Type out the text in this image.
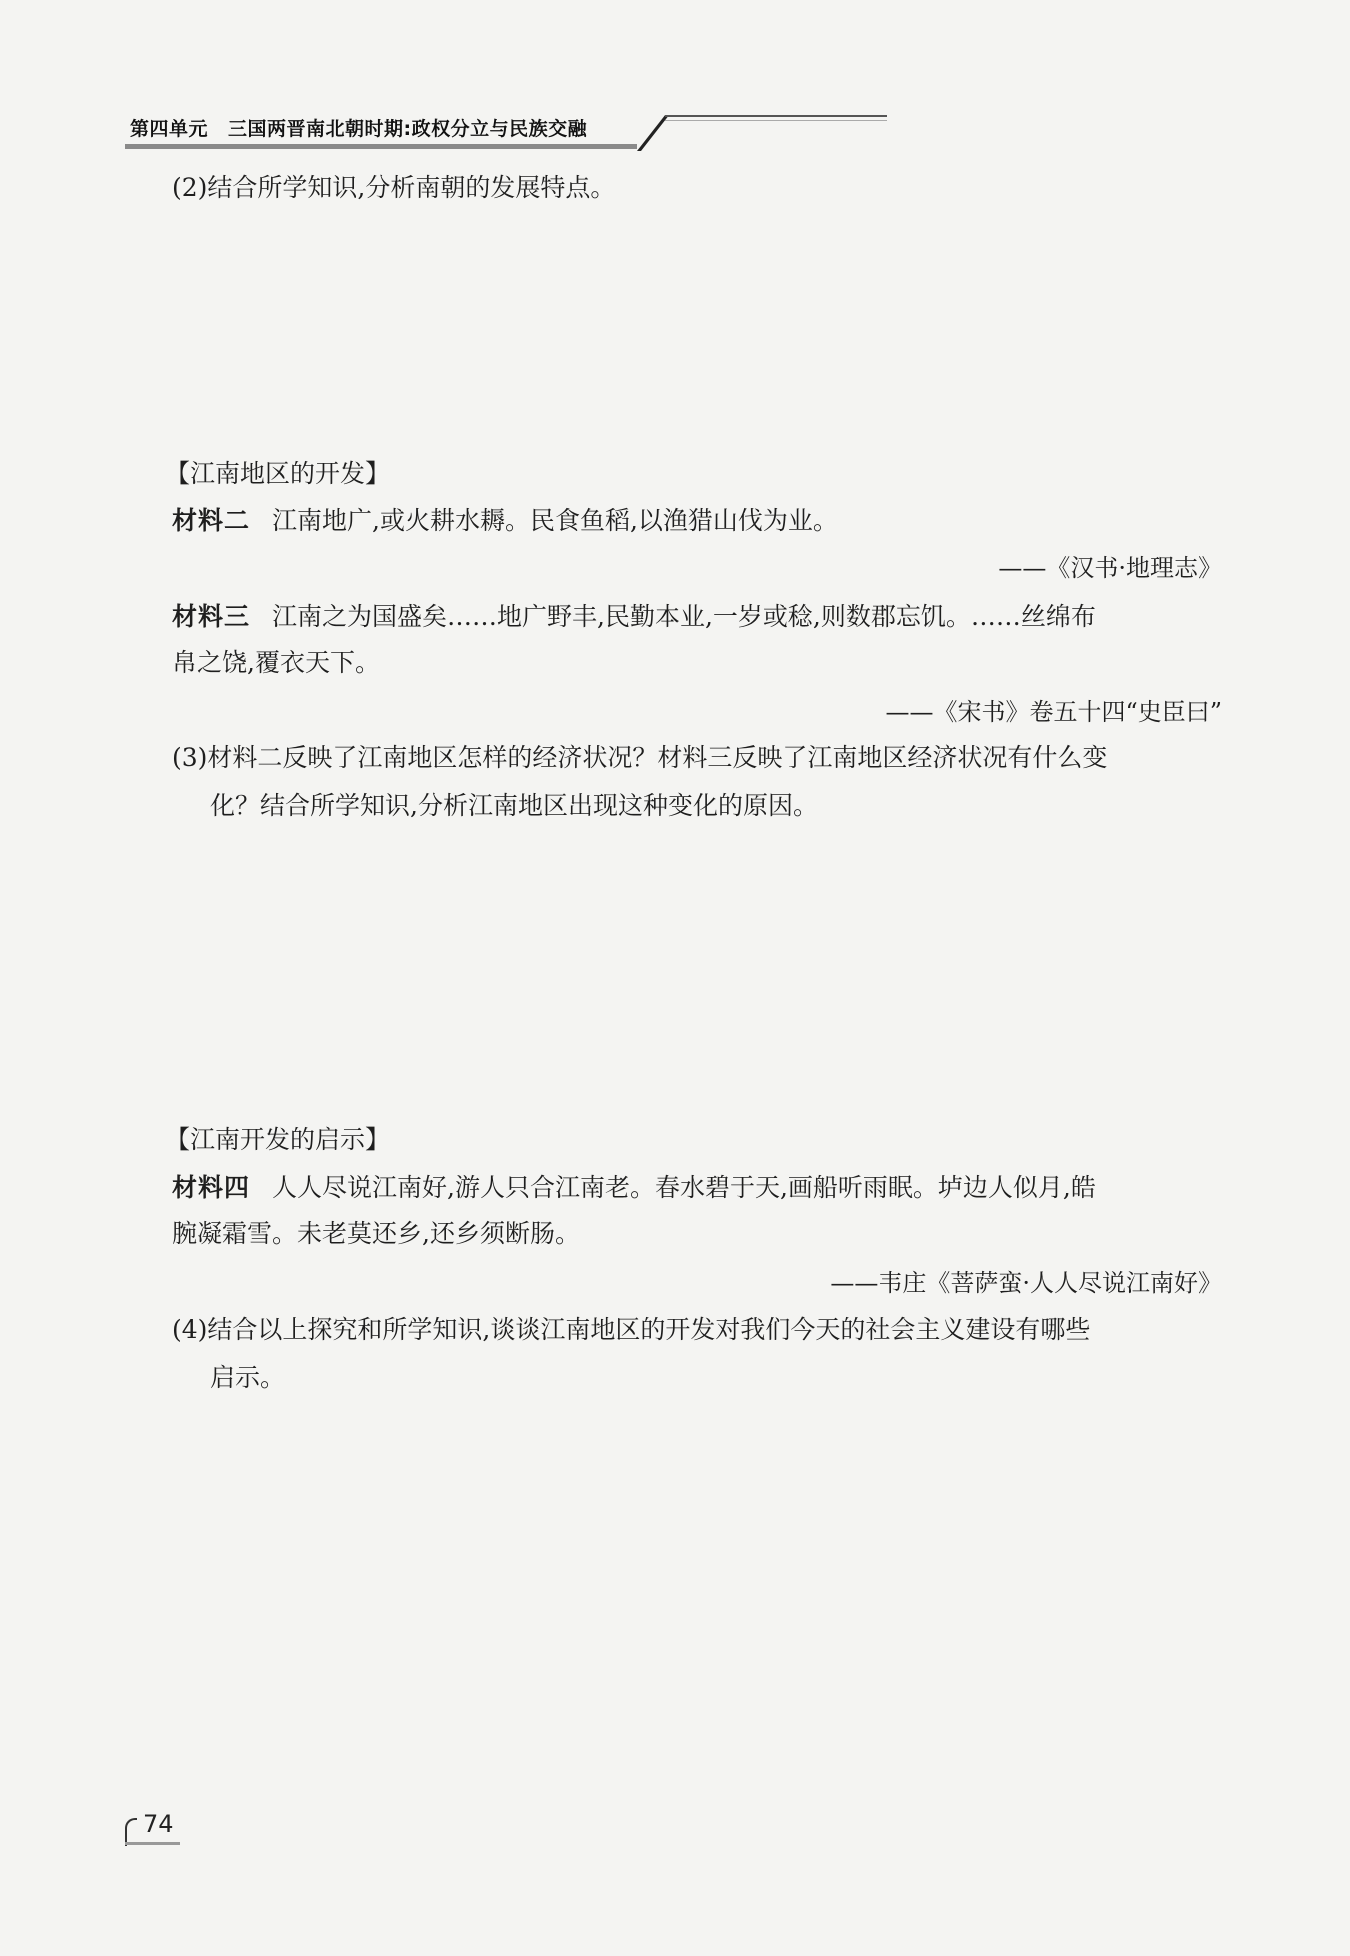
第四单元 三国两晋南北朝时期:政权分立与民族交融
(2)结合所学知识,分析南朝的发展特点。
【江南地区的开发】
材料二 江南地广,或火耕水耨。民食鱼稻,以渔猎山伐为业。
——《汉书·地理志》
材料三 江南之为国盛矣……地广野丰,民勤本业,一岁或稔,则数郡忘饥。……丝绵布
帛之饶,覆衣天下。
——《宋书》卷五十四“史臣曰”
(3)材料二反映了江南地区怎样的经济状况？材料三反映了江南地区经济状况有什么变
化？结合所学知识,分析江南地区出现这种变化的原因。
【江南开发的启示】
材料四 人人尽说江南好,游人只合江南老。春水碧于天,画船听雨眠。垆边人似月,皓
腕凝霜雪。未老莫还乡,还乡须断肠。
——韦庄《菩萨蛮·人人尽说江南好》
(4)结合以上探究和所学知识,谈谈江南地区的开发对我们今天的社会主义建设有哪些
启示。
74
